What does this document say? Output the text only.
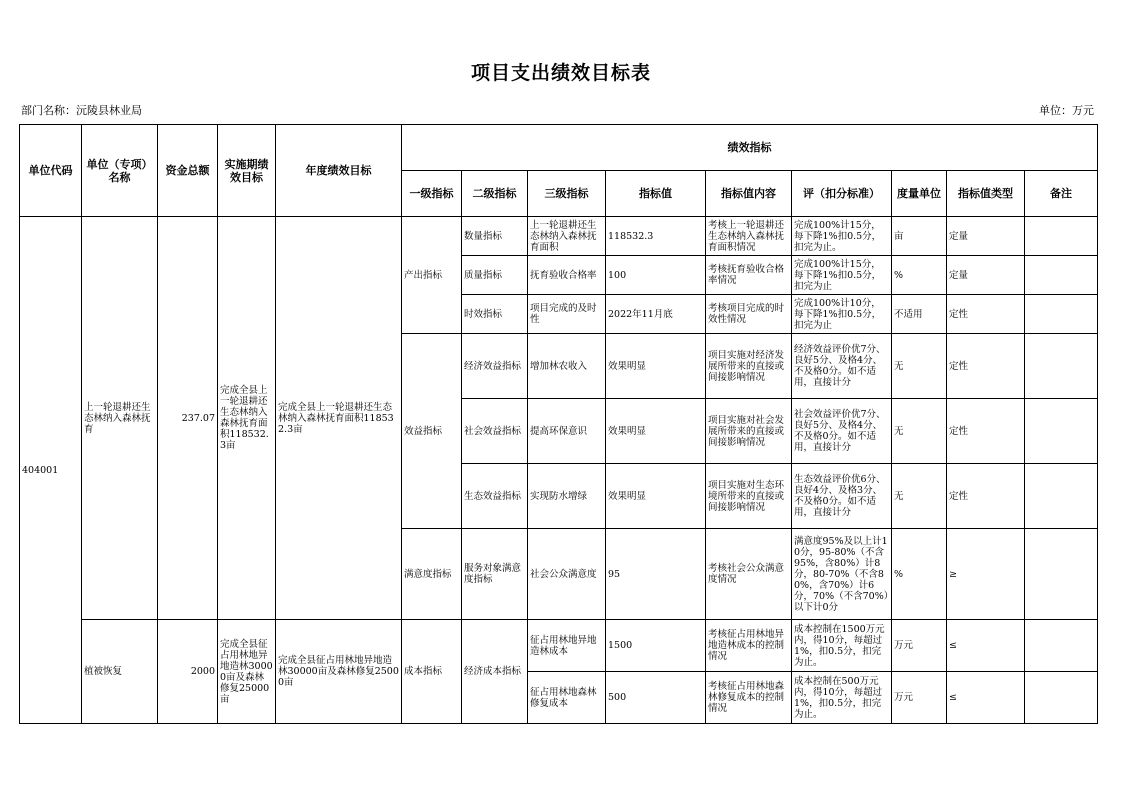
项目支出绩效目标表
部门名称：沅陵县林业局	单位：万元
单位代码	单位（专项）名称	资金总额	实施期绩效目标	年度绩效目标	绩效指标								
					一级指标	二级指标	三级指标	指标值	指标值内容	评（扣分标准）	度量单位	指标值类型	备注
404001	上一轮退耕还生态林纳入森林抚育	237.07	完成全县上一轮退耕还生态林纳入森林抚育面积118532.3亩	完成全县上一轮退耕还生态林纳入森林抚育面积118532.3亩	产出指标	数量指标	上一轮退耕还生态林纳入森林抚育面积	118532.3	考核上一轮退耕还生态林纳入森林抚育面积情况	完成100%计15分，每下降1%扣0.5分，扣完为止。	亩	定量	
						质量指标	抚育验收合格率	100	考核抚育验收合格率情况	完成100%计15分，每下降1%扣0.5分，扣完为止	%	定量	
						时效指标	项目完成的及时性	2022年11月底	考核项目完成的时效性情况	完成100%计10分，每下降1%扣0.5分，扣完为止	不适用	定性	
					效益指标	经济效益指标	增加林农收入	效果明显	项目实施对经济发展所带来的直接或间接影响情况	经济效益评价优7分、良好5分、及格4分、不及格0分。如不适用，直接计分	无	定性	
						社会效益指标	提高环保意识	效果明显	项目实施对社会发展所带来的直接或间接影响情况	社会效益评价优7分、良好5分、及格4分、不及格0分。如不适用，直接计分	无	定性	
						生态效益指标	实现防水增绿	效果明显	项目实施对生态环境所带来的直接或间接影响情况	生态效益评价优6分、良好4分、及格3分、不及格0分。如不适用，直接计分	无	定性	
					满意度指标	服务对象满意度指标	社会公众满意度	95	考核社会公众满意度情况	满意度95%及以上计10分，95-80%（不含95%，含80%）计8分，80-70%（不含80%，含70%）计6分，70%（不含70%）以下计0分	%	≥	

	植被恢复	2000	完成全县征占用林地异地造林30000亩及森林修复25000亩	完成全县征占用林地异地造林30000亩及森林修复25000亩	成本指标	经济成本指标	征占用林地异地造林成本	1500	考核征占用林地异地造林成本的控制情况	成本控制在1500万元内，得10分，每超过1%，扣0.5分，扣完为止。	万元	≤	
							征占用林地森林修复成本	500	考核征占用林地森林修复成本的控制情况	成本控制在500万元内，得10分，每超过1%，扣0.5分，扣完为止。	万元	≤	
